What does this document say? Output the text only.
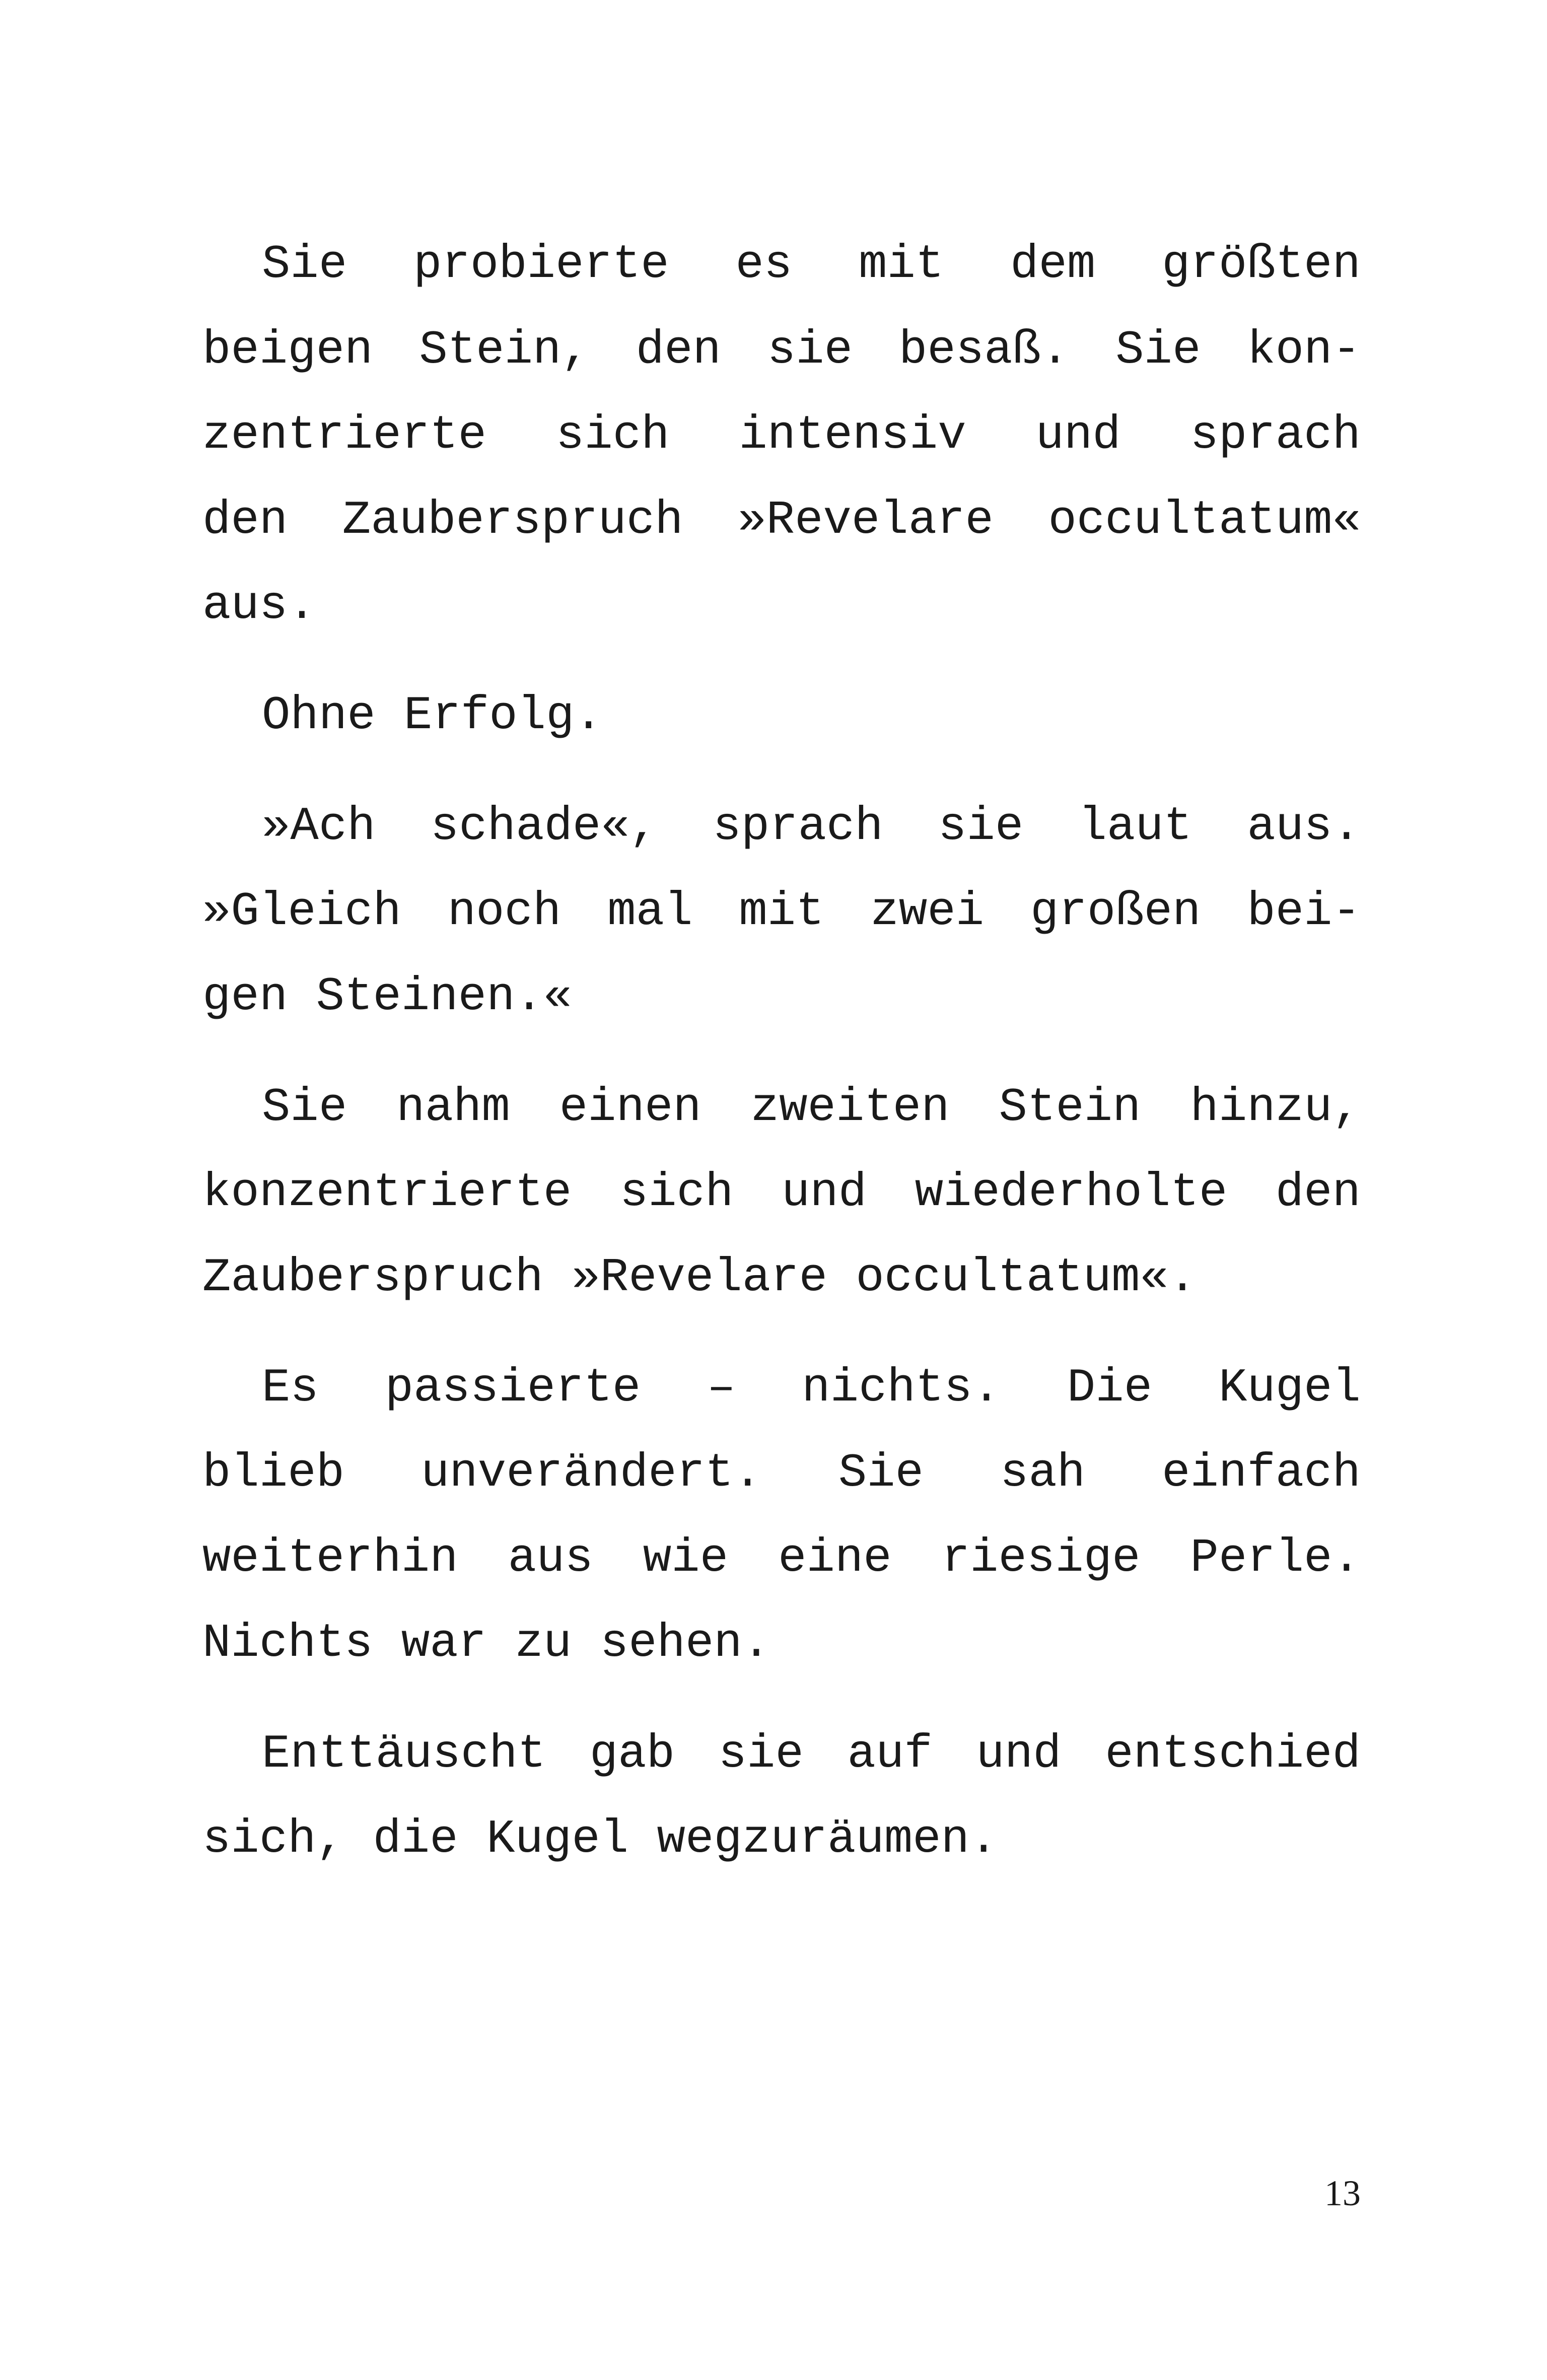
Sie probierte es mit dem größten
beigen Stein, den sie besaß. Sie kon-
zentrierte sich intensiv und sprach
den Zauberspruch »Revelare occultatum«
aus.
Ohne Erfolg.
»Ach schade«, sprach sie laut aus.
»Gleich noch mal mit zwei großen bei-
gen Steinen.«
Sie nahm einen zweiten Stein hinzu,
konzentrierte sich und wiederholte den
Zauberspruch »Revelare occultatum«.
Es passierte – nichts. Die Kugel
blieb unverändert. Sie sah einfach
weiterhin aus wie eine riesige Perle.
Nichts war zu sehen.
Enttäuscht gab sie auf und entschied
sich, die Kugel wegzuräumen.
13
